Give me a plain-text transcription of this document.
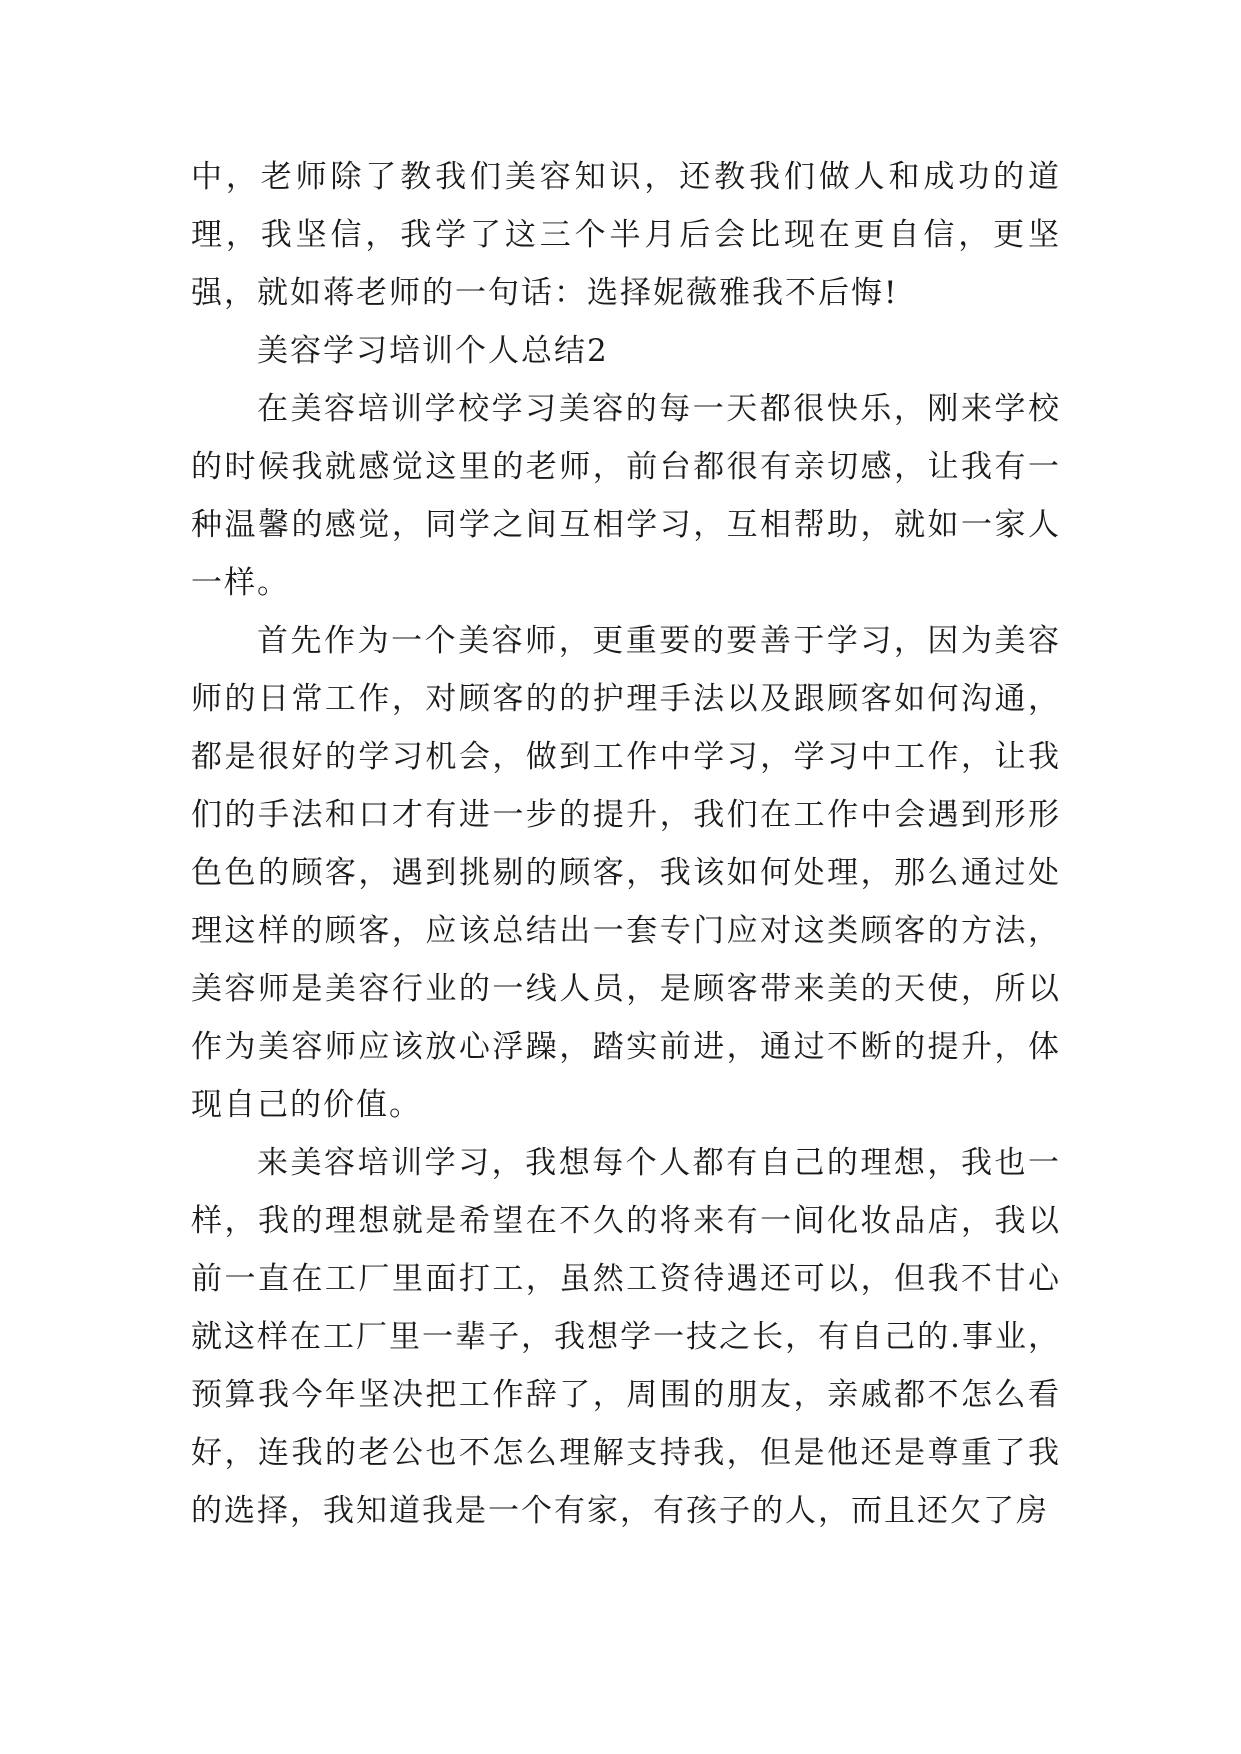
中，老师除了教我们美容知识，还教我们做人和成功的道理，我坚信，我学了这三个半月后会比现在更自信，更坚强，就如蒋老师的一句话：选择妮薇雅我不后悔!

美容学习培训个人总结2

在美容培训学校学习美容的每一天都很快乐，刚来学校的时候我就感觉这里的老师，前台都很有亲切感，让我有一种温馨的感觉，同学之间互相学习，互相帮助，就如一家人一样。

首先作为一个美容师，更重要的要善于学习，因为美容师的日常工作，对顾客的的护理手法以及跟顾客如何沟通，都是很好的学习机会，做到工作中学习，学习中工作，让我们的手法和口才有进一步的提升，我们在工作中会遇到形形色色的顾客，遇到挑剔的顾客，我该如何处理，那么通过处理这样的顾客，应该总结出一套专门应对这类顾客的方法，美容师是美容行业的一线人员，是顾客带来美的天使，所以作为美容师应该放心浮躁，踏实前进，通过不断的提升，体现自己的价值。

来美容培训学习，我想每个人都有自己的理想，我也一样，我的理想就是希望在不久的将来有一间化妆品店，我以前一直在工厂里面打工，虽然工资待遇还可以，但我不甘心就这样在工厂里一辈子，我想学一技之长，有自己的.事业，预算我今年坚决把工作辞了，周围的朋友，亲戚都不怎么看好，连我的老公也不怎么理解支持我，但是他还是尊重了我的选择，我知道我是一个有家，有孩子的人，而且还欠了房
